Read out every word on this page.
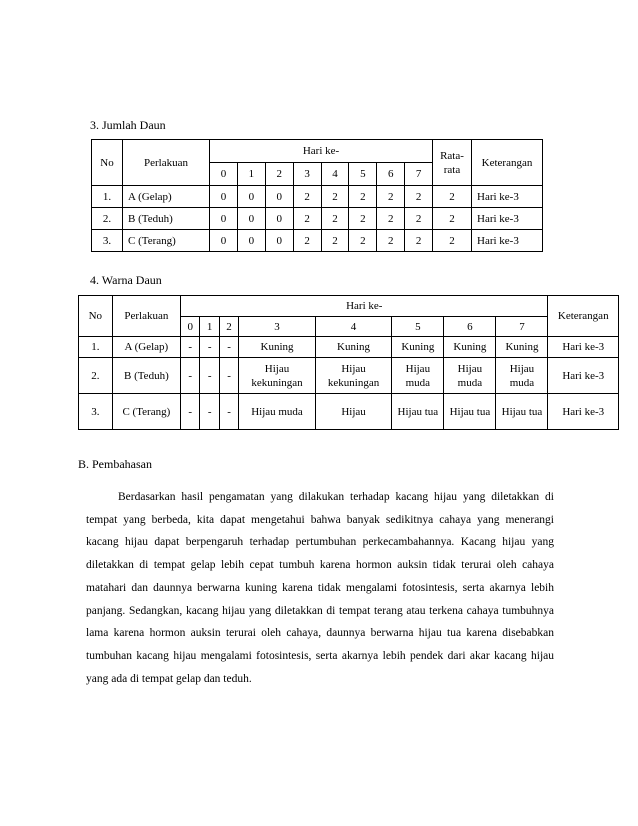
3. Jumlah Daun
No	Perlakuan	Hari ke-								Rata-rata	Keterangan
		0	1	2	3	4	5	6	7		
1.	A (Gelap)	0	0	0	2	2	2	2	2	2	Hari ke-3
2.	B (Teduh)	0	0	0	2	2	2	2	2	2	Hari ke-3
3.	C (Terang)	0	0	0	2	2	2	2	2	2	Hari ke-3
4. Warna Daun
No	Perlakuan	Hari ke-								Keterangan
		0	1	2	3	4	5	6	7	
1.	A (Gelap)	-	-	-	Kuning	Kuning	Kuning	Kuning	Kuning	Hari ke-3
2.	B (Teduh)	-	-	-	Hijau kekuningan	Hijau kekuningan	Hijau muda	Hijau muda	Hijau muda	Hari ke-3
3.	C (Terang)	-	-	-	Hijau muda	Hijau	Hijau tua	Hijau tua	Hijau tua	Hari ke-3
B. Pembahasan

Berdasarkan hasil pengamatan yang dilakukan terhadap kacang hijau yang diletakkan di tempat yang berbeda, kita dapat mengetahui bahwa banyak sedikitnya cahaya yang menerangi kacang hijau dapat berpengaruh terhadap pertumbuhan perkecambahannya. Kacang hijau yang diletakkan di tempat gelap lebih cepat tumbuh karena hormon auksin tidak terurai oleh cahaya matahari dan daunnya berwarna kuning karena tidak mengalami fotosintesis, serta akarnya lebih panjang. Sedangkan, kacang hijau yang diletakkan di tempat terang atau terkena cahaya tumbuhnya lama karena hormon auksin terurai oleh cahaya, daunnya berwarna hijau tua karena disebabkan tumbuhan kacang hijau mengalami fotosintesis, serta akarnya lebih pendek dari akar kacang hijau yang ada di tempat gelap dan teduh.
